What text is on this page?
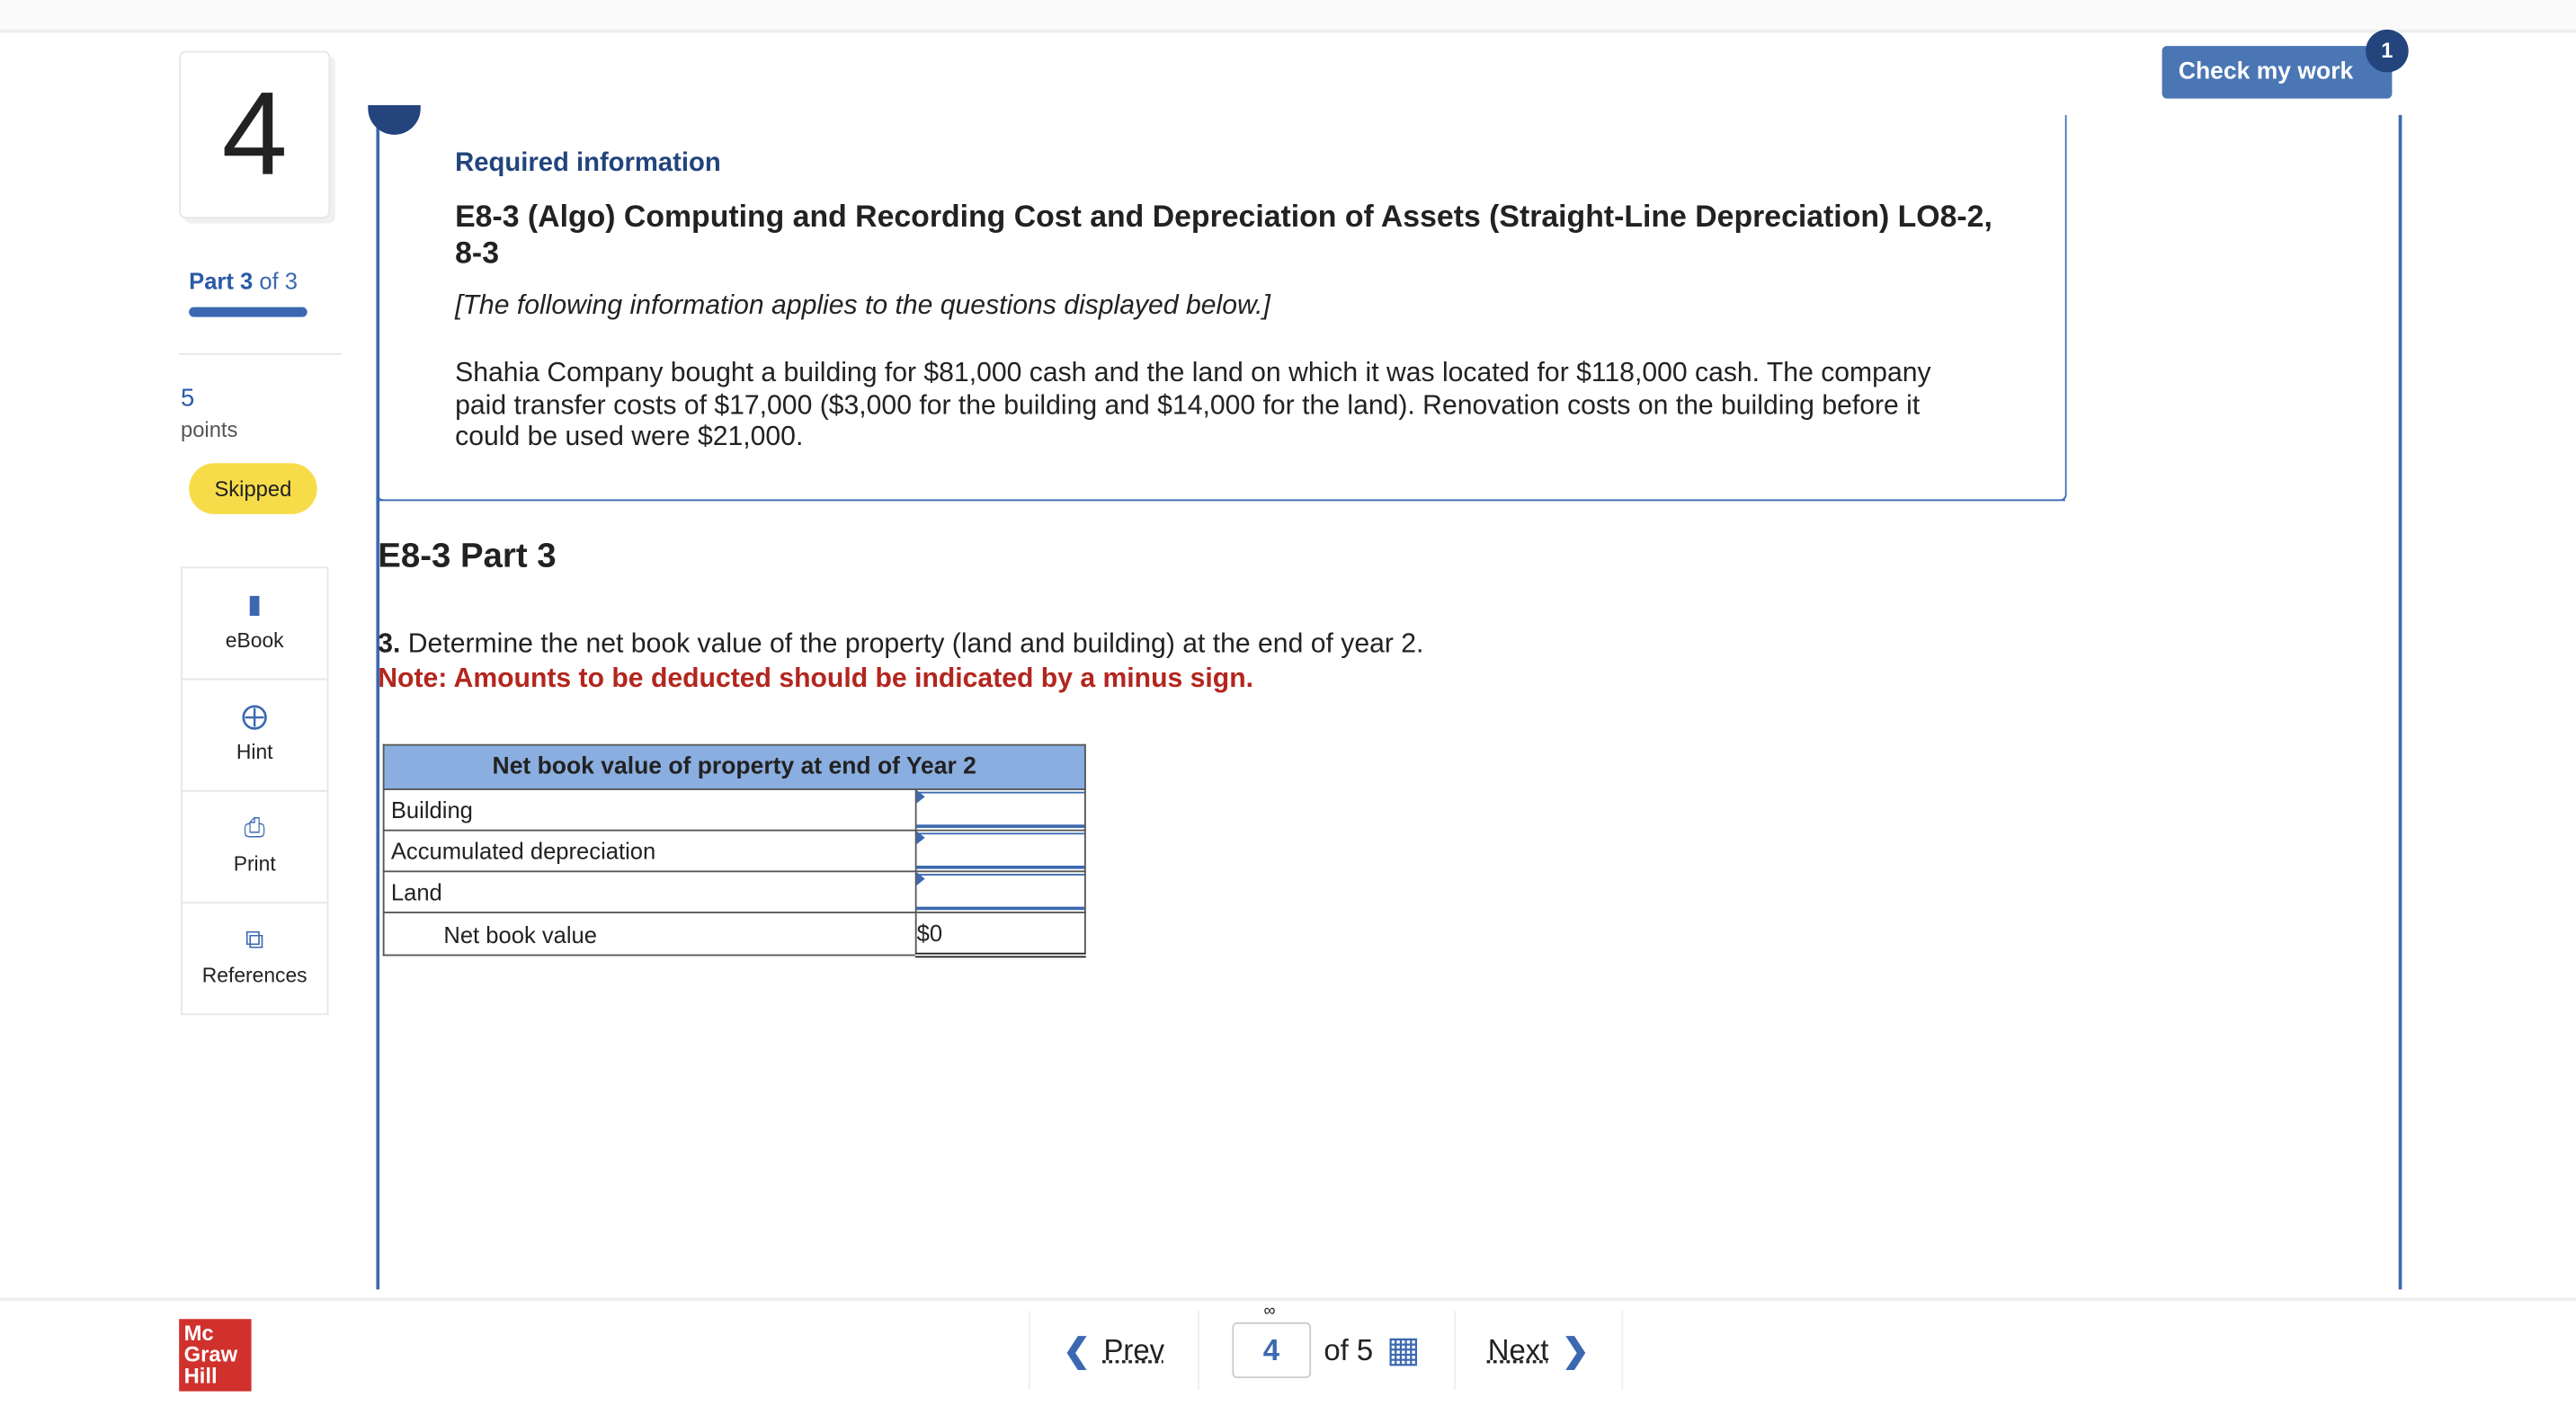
4
Part 3 of 3
5
points
Skipped
▮
eBook
⨁
Hint
⎙
Print
⧉
References
Check my work
1
Required information
E8-3 (Algo) Computing and Recording Cost and Depreciation of Assets (Straight-Line Depreciation) LO8-2, 8-3
[The following information applies to the questions displayed below.]
Shahia Company bought a building for $81,000 cash and the land on which it was located for $118,000 cash. The company paid transfer costs of $17,000 ($3,000 for the building and $14,000 for the land). Renovation costs on the building before it could be used were $21,000.
E8-3 Part 3
3. Determine the net book value of the property (land and building) at the end of year 2.
Note: Amounts to be deducted should be indicated by a minus sign.
Net book value of property at end of Year 2	
Building	

Accumulated depreciation	

Land	

Net book value	$0
Mc
Graw
Hill
❮ Prev
∞
4	of 5 ▦	Next ❯
